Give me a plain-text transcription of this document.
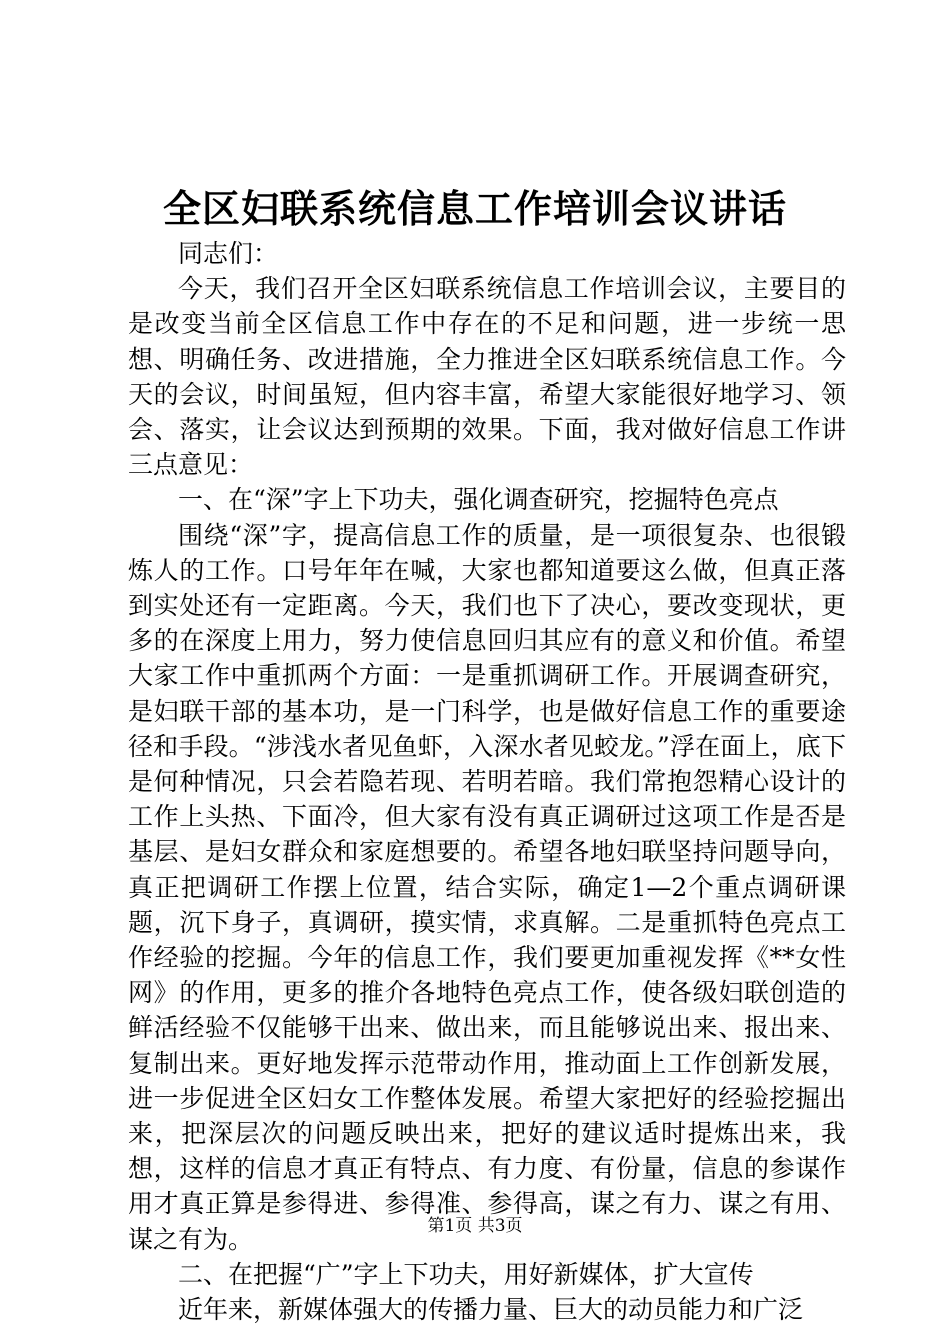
全区妇联系统信息工作培训会议讲话

同志们：

今天，我们召开全区妇联系统信息工作培训会议，主要目的是改变当前全区信息工作中存在的不足和问题，进一步统一思想、明确任务、改进措施，全力推进全区妇联系统信息工作。今天的会议，时间虽短，但内容丰富，希望大家能很好地学习、领会、落实，让会议达到预期的效果。下面，我对做好信息工作讲三点意见：

一、在“深”字上下功夫，强化调查研究，挖掘特色亮点

围绕“深”字，提高信息工作的质量，是一项很复杂、也很锻炼人的工作。口号年年在喊，大家也都知道要这么做，但真正落到实处还有一定距离。今天，我们也下了决心，要改变现状，更多的在深度上用力，努力使信息回归其应有的意义和价值。希望大家工作中重抓两个方面：一是重抓调研工作。开展调查研究，是妇联干部的基本功，是一门科学，也是做好信息工作的重要途径和手段。“涉浅水者见鱼虾，入深水者见蛟龙。”浮在面上，底下是何种情况，只会若隐若现、若明若暗。我们常抱怨精心设计的工作上头热、下面冷，但大家有没有真正调研过这项工作是否是基层、是妇女群众和家庭想要的。希望各地妇联坚持问题导向，真正把调研工作摆上位置，结合实际，确定1—2个重点调研课题，沉下身子，真调研，摸实情，求真解。二是重抓特色亮点工作经验的挖掘。今年的信息工作，我们要更加重视发挥《**女性网》的作用，更多的推介各地特色亮点工作，使各级妇联创造的鲜活经验不仅能够干出来、做出来，而且能够说出来、报出来、复制出来。更好地发挥示范带动作用，推动面上工作创新发展，进一步促进全区妇女工作整体发展。希望大家把好的经验挖掘出来，把深层次的问题反映出来，把好的建议适时提炼出来，我想，这样的信息才真正有特点、有力度、有份量，信息的参谋作用才真正算是参得进、参得准、参得高，谋之有力、谋之有用、谋之有为。

二、在把握“广”字上下功夫，用好新媒体，扩大宣传

近年来，新媒体强大的传播力量、巨大的动员能力和广泛

第1页 共3页
